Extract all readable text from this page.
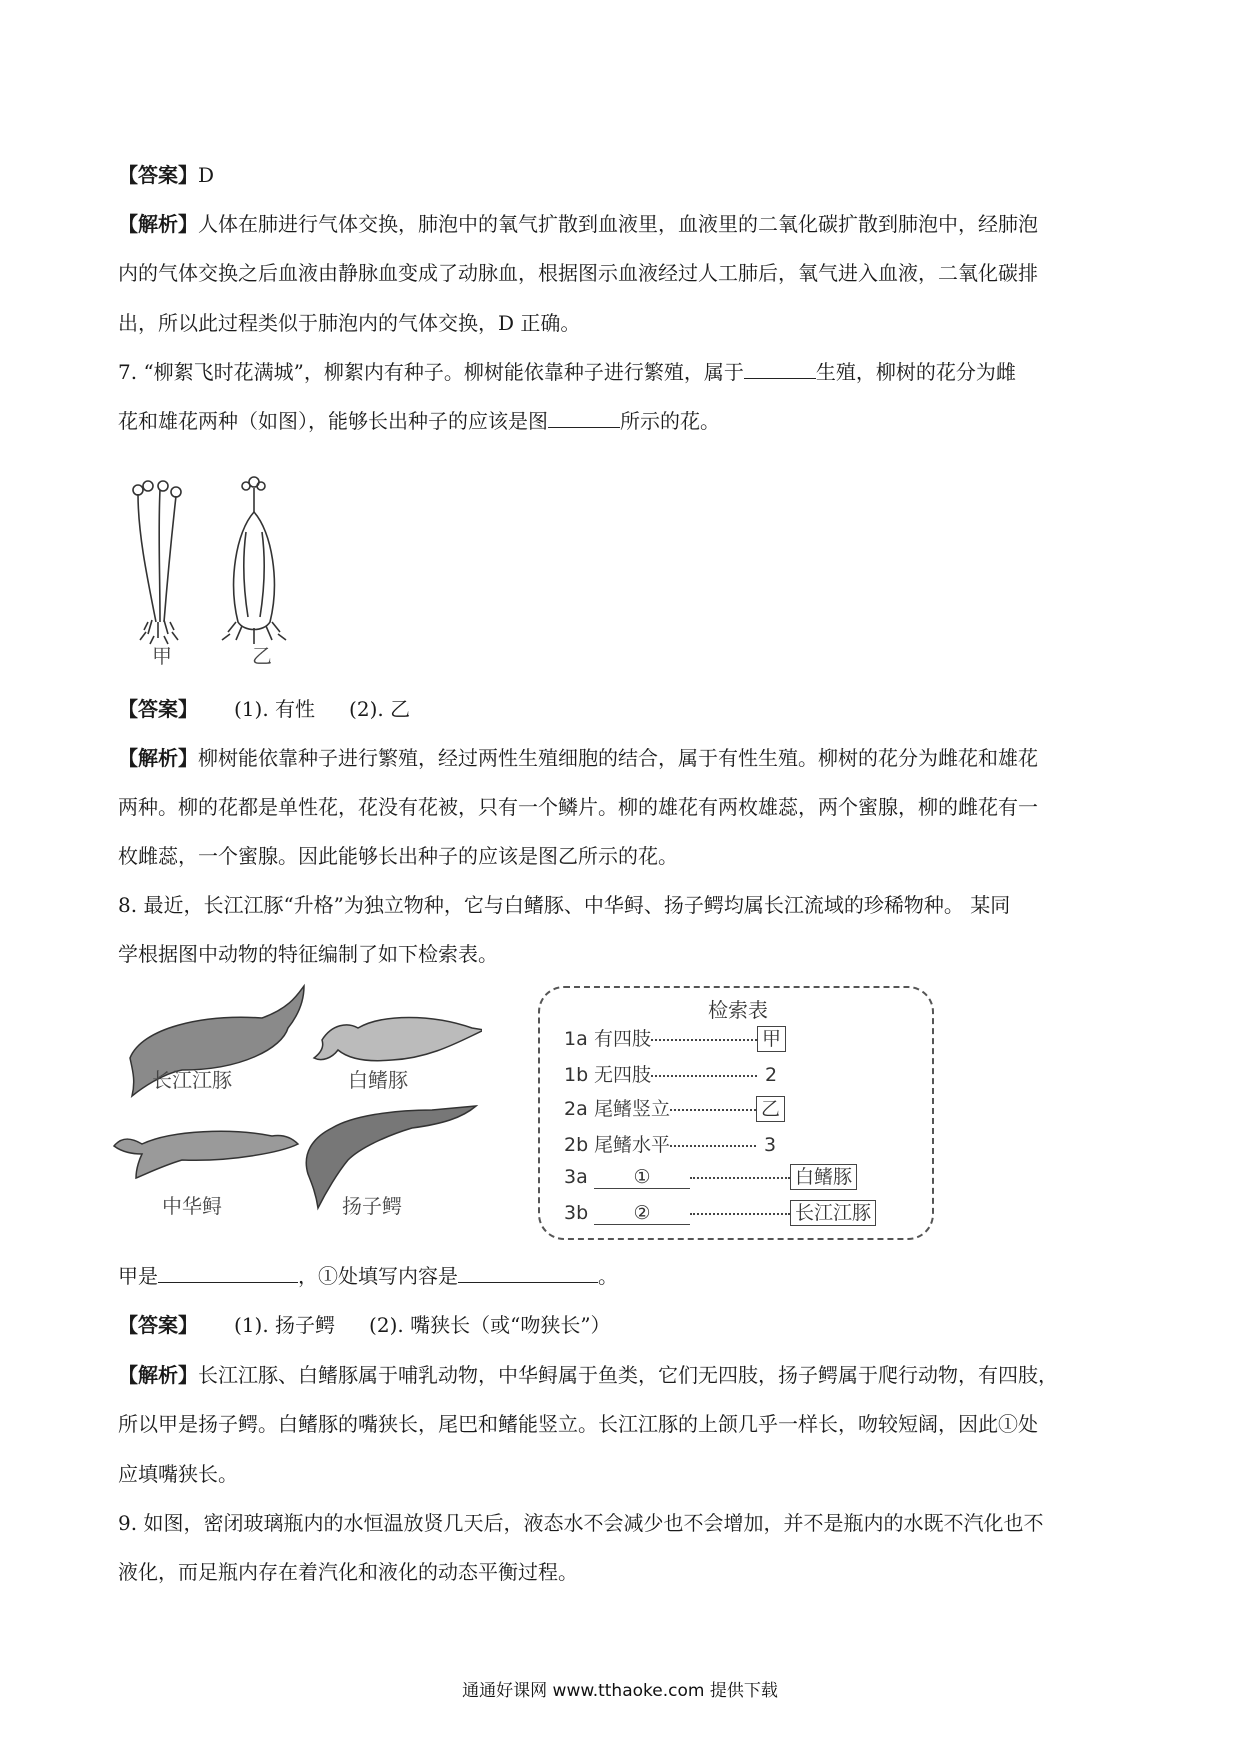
【答案】D
【解析】人体在肺进行气体交换，肺泡中的氧气扩散到血液里，血液里的二氧化碳扩散到肺泡中，经肺泡
内的气体交换之后血液由静脉血变成了动脉血，根据图示血液经过人工肺后，氧气进入血液，二氧化碳排
出，所以此过程类似于肺泡内的气体交换，D 正确。
7. “柳絮飞时花满城”，柳絮内有种子。柳树能依靠种子进行繁殖，属于	生殖，柳树的花分为雌
花和雄花两种（如图），能够长出种子的应该是图	所示的花。
甲	乙
【答案】 (1). 有性 (2). 乙
【解析】柳树能依靠种子进行繁殖，经过两性生殖细胞的结合，属于有性生殖。柳树的花分为雌花和雄花
两种。柳的花都是单性花，花没有花被，只有一个鳞片。柳的雄花有两枚雄蕊，两个蜜腺，柳的雌花有一
枚雌蕊，一个蜜腺。因此能够长出种子的应该是图乙所示的花。
8. 最近，长江江豚“升格”为独立物种，它与白鳍豚、中华鲟、扬子鳄均属长江流域的珍稀物种。 某同
学根据图中动物的特征编制了如下检索表。
长江江豚	白鳍豚
中华鲟	扬子鳄
检索表
1a 有四肢	甲
1b 无四肢	2
2a 尾鳍竖立	乙
2b 尾鳍水平	3
3a ①	白鳍豚
3b ②	长江江豚
甲是	，①处填写内容是	。
【答案】 (1). 扬子鳄 (2). 嘴狭长（或“吻狭长”）
【解析】长江江豚、白鳍豚属于哺乳动物，中华鲟属于鱼类，它们无四肢，扬子鳄属于爬行动物，有四肢，
所以甲是扬子鳄。白鳍豚的嘴狭长，尾巴和鳍能竖立。长江江豚的上颌几乎一样长，吻较短阔，因此①处
应填嘴狭长。
9. 如图，密闭玻璃瓶内的水恒温放贤几天后，液态水不会减少也不会增加，并不是瓶内的水既不汽化也不
液化，而足瓶内存在着汽化和液化的动态平衡过程。
通通好课网 www.tthaoke.com 提供下载
